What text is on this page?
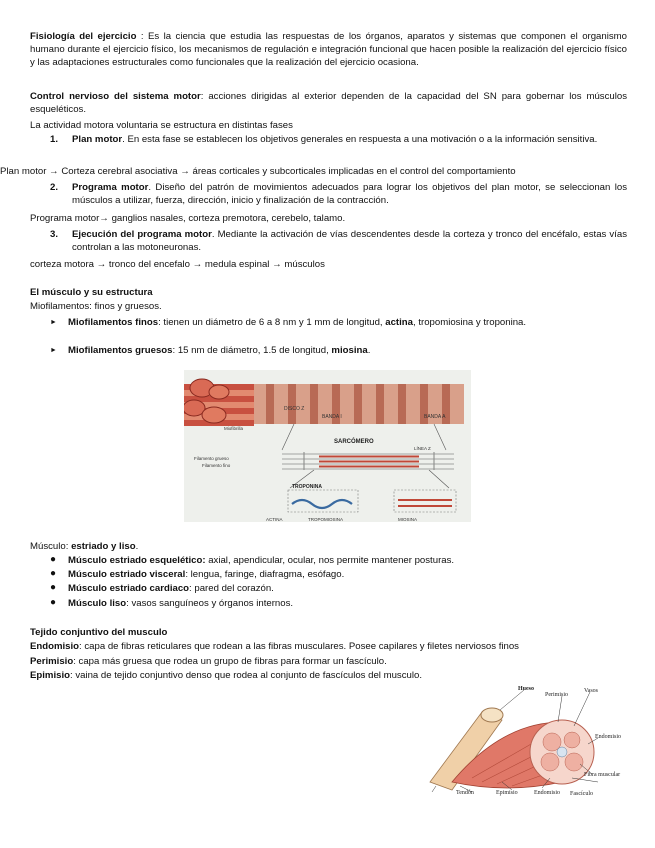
Fisiología del ejercicio : Es la ciencia que estudia las respuestas de los órganos, aparatos y sistemas que componen el organismo humano durante el ejercicio físico, los mecanismos de regulación e integración funcional que hacen posible la realización del ejercicio físico y las adaptaciones estructurales como funcionales que la realización del ejercicio ocasiona.
Control nervioso del sistema motor: acciones dirigidas al exterior dependen de la capacidad del SN para gobernar los músculos esqueléticos.
La actividad motora voluntaria se estructura en distintas fases
1.	Plan motor. En esta fase se establecen los objetivos generales en respuesta a una motivación o a la información sensitiva.
Plan motor → Corteza cerebral asociativa → áreas corticales y subcorticales implicadas en el control del comportamiento
2.	Programa motor. Diseño del patrón de movimientos adecuados para lograr los objetivos del plan motor, se seleccionan los músculos a utilizar, fuerza, dirección, inicio y finalización de la contracción.
Programa motor→ ganglios nasales, corteza premotora, cerebelo, talamo.
3.	Ejecución del programa motor. Mediante la activación de vías descendentes desde la corteza y tronco del encéfalo, estas vías controlan a las motoneuronas.
corteza motora → tronco del encefalo → medula espinal → músculos
El músculo y su estructura
Miofilamentos: finos y gruesos.
► Miofilamentos finos: tienen un diámetro de 6 a 8 nm y 1 mm de longitud, actina, tropomiosina y troponina.
► Miofilamentos gruesos: 15 nm de diámetro, 1.5 de longitud, miosina.
DISCO Z
BANDA I	BANDA A
Miofibrilla
SARCÓMERO
LÍNEA Z
Filamento grueso
Filamento fino
TROPONINA
ACTINA	TROPOMIOSINA	MIOSINA
Músculo: estriado y liso.
● Músculo estriado esquelético: axial, apendicular, ocular, nos permite mantener posturas.
● Músculo estriado visceral: lengua, faringe, diafragma, esófago.
● Músculo estriado cardiaco: pared del corazón.
● Músculo liso: vasos sanguíneos y órganos internos.
Tejido conjuntivo del musculo
Endomisio: capa de fibras reticulares que rodean a las fibras musculares. Posee capilares y filetes nerviosos finos
Perimisio: capa más gruesa que rodea un grupo de fibras para formar un fascículo.
Epimisio: vaina de tejido conjuntivo denso que rodea al conjunto de fascículos del musculo.
Hueso
Perimisio
Vasos
Endomisio
Fibra muscular
Fascículo
Endomisio
Epimisio
Tendón
